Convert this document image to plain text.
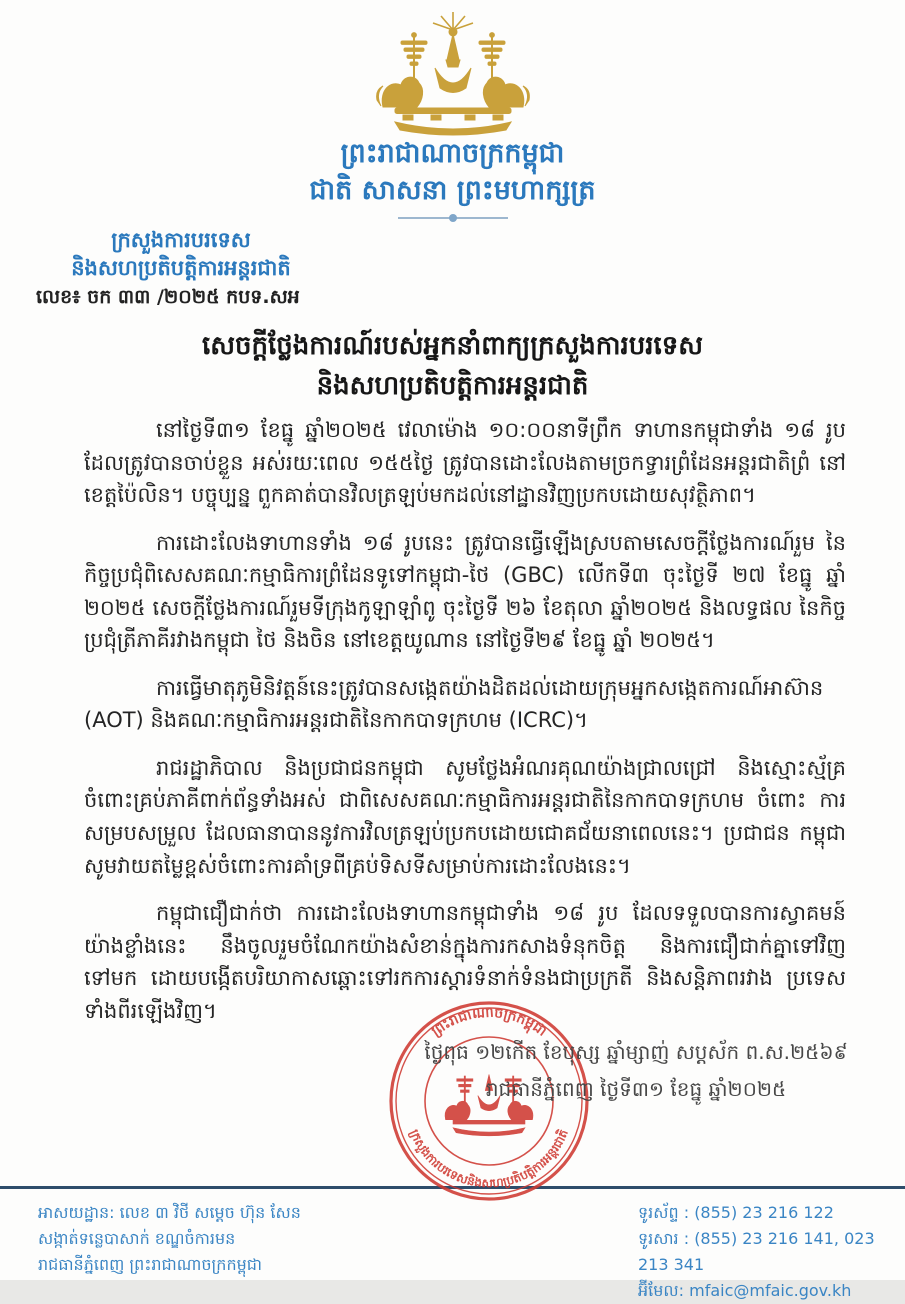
ព្រះរាជាណាចក្រកម្ពុជា
ជាតិ សាសនា ព្រះមហាក្សត្រ
ក្រសួងការបរទេស
និងសហប្រតិបត្តិការអន្តរជាតិ
លេខ៖ ចក ៣៣ /២០២៥ កបទ.សអ
សេចក្តីថ្លែងការណ៍របស់អ្នកនាំពាក្យក្រសួងការបរទេស
និងសហប្រតិបត្តិការអន្តរជាតិ

នៅថ្ងៃទី៣១ ខែធ្នូ ឆ្នាំ២០២៥ វេលាម៉ោង ១០:០០នាទីព្រឹក ទាហានកម្ពុជាទាំង ១៨ រូប ដែលត្រូវបានចាប់ខ្លួន អស់រយៈពេល ១៥៥ថ្ងៃ ត្រូវបានដោះលែងតាមច្រកទ្វារព្រំដែនអន្តរជាតិព្រំ នៅខេត្តប៉ៃលិន។ បច្ចុប្បន្ន ពួកគាត់បានវិលត្រឡប់មកដល់នៅដ្ឋានវិញប្រកបដោយសុវត្ថិភាព។

ការដោះលែងទាហានទាំង ១៨ រូបនេះ ត្រូវបានធ្វើឡើងស្របតាមសេចក្តីថ្លែងការណ៍រួម នៃកិច្ចប្រជុំពិសេសគណៈកម្មាធិការព្រំដែនទូទៅកម្ពុជា-ថៃ (GBC) លើកទី៣ ចុះថ្ងៃទី ២៧ ខែធ្នូ ឆ្នាំ ២០២៥ សេចក្តីថ្លែងការណ៍រួមទីក្រុងកូឡាឡាំពូ ចុះថ្ងៃទី ២៦ ខែតុលា ឆ្នាំ២០២៥ និងលទ្ធផល នៃកិច្ចប្រជុំត្រីភាគីរវាងកម្ពុជា ថៃ និងចិន នៅខេត្តយូណាន នៅថ្ងៃទី២៩ ខែធ្នូ ឆ្នាំ ២០២៥។

ការធ្វើមាតុភូមិនិវត្តន៍នេះត្រូវបានសង្កេតយ៉ាងដិតដល់ដោយក្រុមអ្នកសង្កេតការណ៍អាស៊ាន (AOT) និងគណៈកម្មាធិការអន្តរជាតិនៃកាកបាទក្រហម (ICRC)។

រាជរដ្ឋាភិបាល និងប្រជាជនកម្ពុជា សូមថ្លែងអំណរគុណយ៉ាងជ្រាលជ្រៅ និងស្មោះស្ម័គ្រ ចំពោះគ្រប់ភាគីពាក់ព័ន្ធទាំងអស់ ជាពិសេសគណៈកម្មាធិការអន្តរជាតិនៃកាកបាទក្រហម ចំពោះ ការសម្របសម្រួល ដែលធានាបាននូវការវិលត្រឡប់ប្រកបដោយជោគជ័យនាពេលនេះ។ ប្រជាជន កម្ពុជា សូមវាយតម្លៃខ្ពស់ចំពោះការគាំទ្រពីគ្រប់ទិសទីសម្រាប់ការដោះលែងនេះ។

កម្ពុជាជឿជាក់ថា ការដោះលែងទាហានកម្ពុជាទាំង ១៨ រូប ដែលទទួលបានការស្វាគមន៍ យ៉ាងខ្លាំងនេះ នឹងចូលរួមចំណែកយ៉ាងសំខាន់ក្នុងការកសាងទំនុកចិត្ត និងការជឿជាក់គ្នាទៅវិញ ទៅមក ដោយបង្កើតបរិយាកាសឆ្ពោះទៅរកការស្តារទំនាក់ទំនងជាប្រក្រតី និងសន្តិភាពរវាង ប្រទេសទាំងពីរឡើងវិញ។

ព្រះរាជាណាចក្រកម្ពុជា
ក្រសួងការបរទេសនិងសហប្រតិបត្តិការអន្តរជាតិ
ថ្ងៃពុធ ១២កើត ខែបុស្ស ឆ្នាំម្សាញ់ សប្តស័ក ព.ស.២៥៦៩
រាជធានីភ្នំពេញ ថ្ងៃទី៣១ ខែធ្នូ ឆ្នាំ២០២៥
អាសយដ្ឋាន: លេខ ៣ វិថី សម្តេច ហ៊ុន សែន
សង្កាត់ទន្លេបាសាក់ ខណ្ឌចំការមន
រាជធានីភ្នំពេញ ព្រះរាជាណាចក្រកម្ពុជា
ទូរស័ព្ទ : (855) 23 216 122
ទូរសារ : (855) 23 216 141, 023 213 341
អ៊ីមែល: mfaic@mfaic.gov.kh
